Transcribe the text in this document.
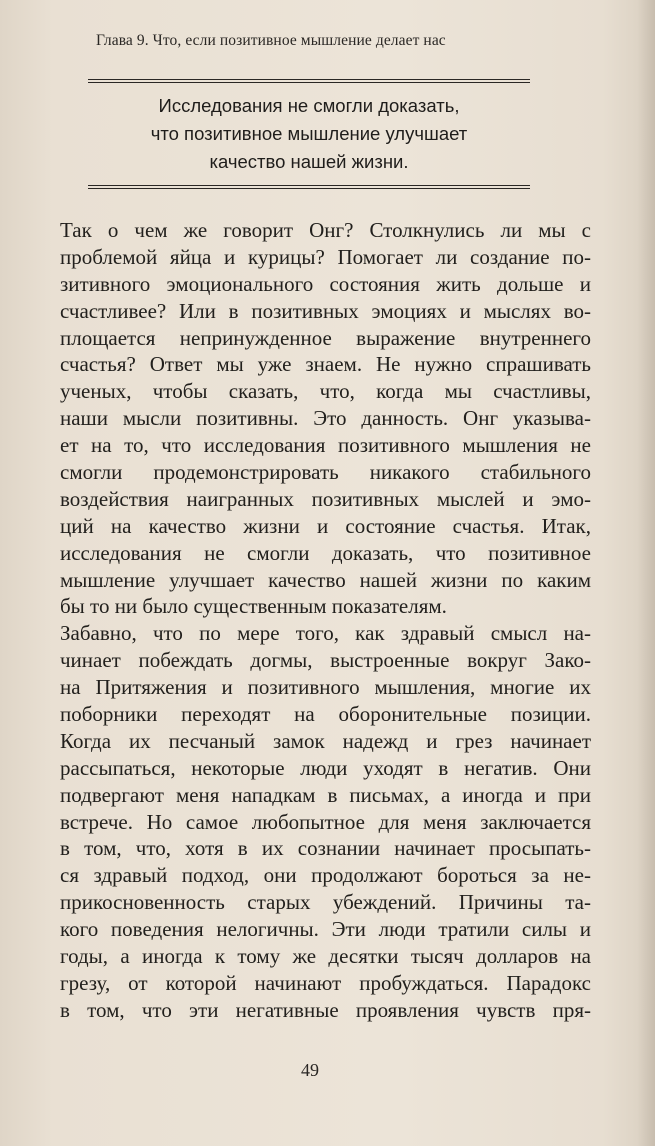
Глава 9. Что, если позитивное мышление делает нас
Исследования не смогли доказать,
что позитивное мышление улучшает
качество нашей жизни.
Так о чем же говорит Онг? Столкнулись ли мы с
проблемой яйца и курицы? Помогает ли создание по-
зитивного эмоционального состояния жить дольше и
счастливее? Или в позитивных эмоциях и мыслях во-
площается непринужденное выражение внутреннего
счастья? Ответ мы уже знаем. Не нужно спрашивать
ученых, чтобы сказать, что, когда мы счастливы,
наши мысли позитивны. Это данность. Онг указыва-
ет на то, что исследования позитивного мышления не
смогли продемонстрировать никакого стабильного
воздействия наигранных позитивных мыслей и эмо-
ций на качество жизни и состояние счастья. Итак,
исследования не смогли доказать, что позитивное
мышление улучшает качество нашей жизни по каким
бы то ни было существенным показателям.
Забавно, что по мере того, как здравый смысл на-
чинает побеждать догмы, выстроенные вокруг Зако-
на Притяжения и позитивного мышления, многие их
поборники переходят на оборонительные позиции.
Когда их песчаный замок надежд и грез начинает
рассыпаться, некоторые люди уходят в негатив. Они
подвергают меня нападкам в письмах, а иногда и при
встрече. Но самое любопытное для меня заключается
в том, что, хотя в их сознании начинает просыпать-
ся здравый подход, они продолжают бороться за не-
прикосновенность старых убеждений. Причины та-
кого поведения нелогичны. Эти люди тратили силы и
годы, а иногда к тому же десятки тысяч долларов на
грезу, от которой начинают пробуждаться. Парадокс
в том, что эти негативные проявления чувств пря-
49
